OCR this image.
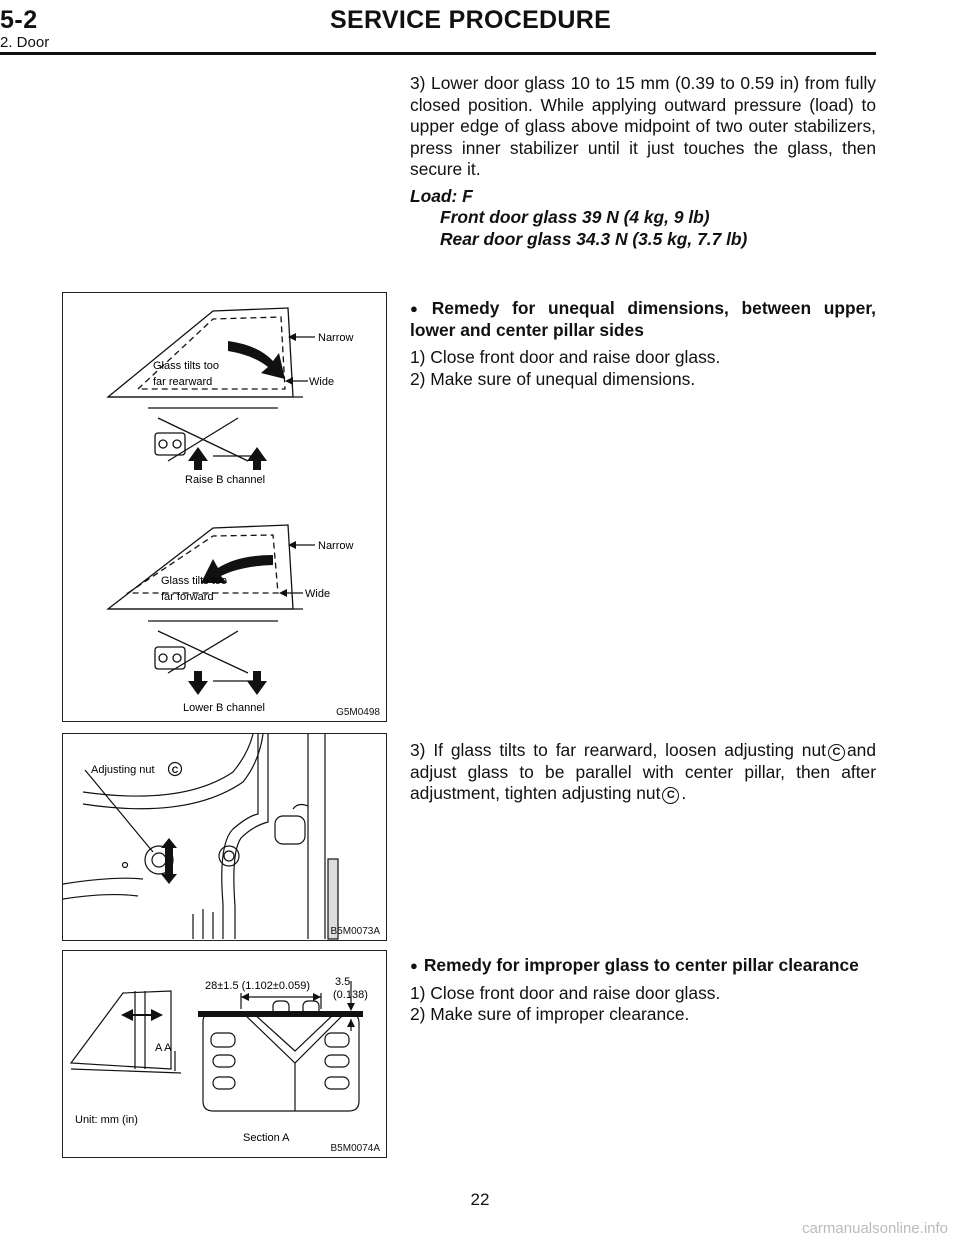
5-2	SERVICE PROCEDURE
2. Door

3) Lower door glass 10 to 15 mm (0.39 to 0.59 in) from fully closed position. While applying outward pressure (load) to upper edge of glass above midpoint of two outer stabilizers, press inner stabilizer until it just touches the glass, then secure it.

Load: F
Front door glass 39 N (4 kg, 9 lb)
Rear door glass 34.3 N (3.5 kg, 7.7 lb)
Narrow
Wide
Glass tilts too
far rearward
Raise B channel
Narrow
Wide
Glass tilts too
far forward
Lower B channel	G5M0498
● Remedy for unequal dimensions, between upper, lower and center pillar sides

1) Close front door and raise door glass.

2) Make sure of unequal dimensions.

Adjusting nut C
B5M0073A

3) If glass tilts to far rearward, loosen adjusting nut C and adjust glass to be parallel with center pillar, then after adjustment, tighten adjusting nut C .

28±1.5 (1.102±0.059) 3.5
(0.138)
A A
Unit: mm (in)
Section A
B5M0074A
● Remedy for improper glass to center pillar clearance

1) Close front door and raise door glass.

2) Make sure of improper clearance.

22
carmanualsonline.info
